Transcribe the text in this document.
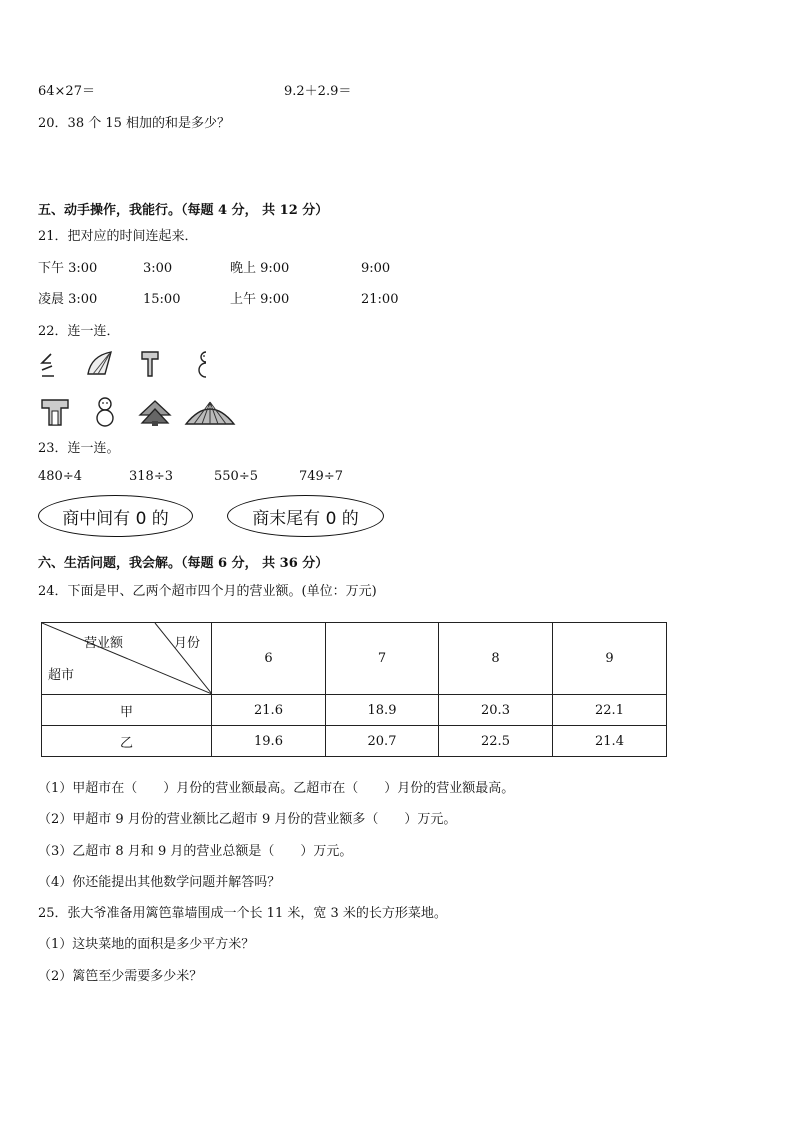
64×27＝	9.2＋2.9＝
20．38 个 15 相加的和是多少？
五、动手操作，我能行。（每题 4 分， 共 12 分）
21．把对应的时间连起来．
下午 3:00	3:00	晚上 9:00	9:00
凌晨 3:00	15:00	上午 9:00	21:00
22．连一连．
23．连一连。
480÷4	318÷3	550÷5	749÷7
商中间有 0 的	商末尾有 0 的
六、生活问题，我会解。（每题 6 分， 共 36 分）
24．下面是甲、乙两个超市四个月的营业额。(单位：万元)
营业额 月份
超市	6	7	8	9
甲	21.6	18.9	20.3	22.1
乙	19.6	20.7	22.5	21.4
（1）甲超市在（　　）月份的营业额最高。乙超市在（　　）月份的营业额最高。
（2）甲超市 9 月份的营业额比乙超市 9 月份的营业额多（　　）万元。
（3）乙超市 8 月和 9 月的营业总额是（　　）万元。
（4）你还能提出其他数学问题并解答吗？
25．张大爷准备用篱笆靠墙围成一个长 11 米，宽 3 米的长方形菜地。
（1）这块菜地的面积是多少平方米？
（2）篱笆至少需要多少米？
